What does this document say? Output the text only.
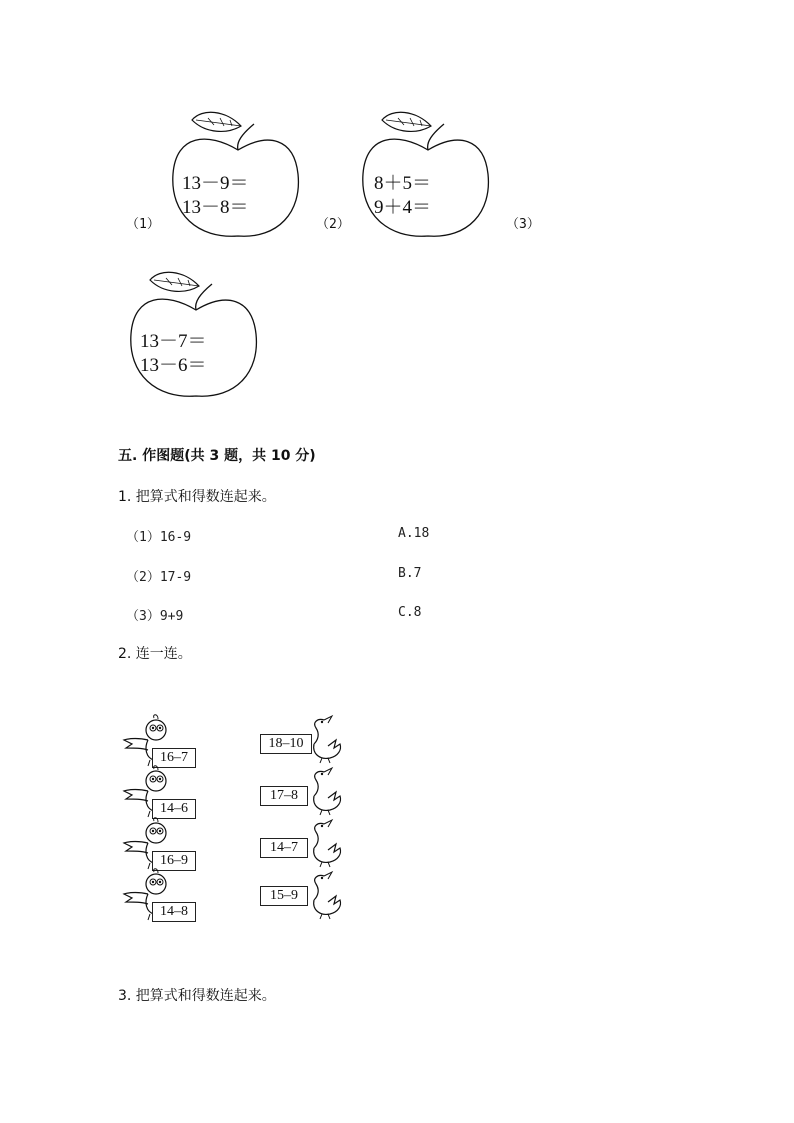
（1）
13－9＝
13－8＝
（2）
8＋5＝
9＋4＝
（3）
13－7＝
13－6＝
五. 作图题(共 3 题，共 10 分)
1. 把算式和得数连起来。
（1）16-9	A.18
（2）17-9	B.7
（3）9+9	C.8
2. 连一连。
16–7
14–6
16–9
14–8
18–10
17–8
14–7
15–9
3. 把算式和得数连起来。
